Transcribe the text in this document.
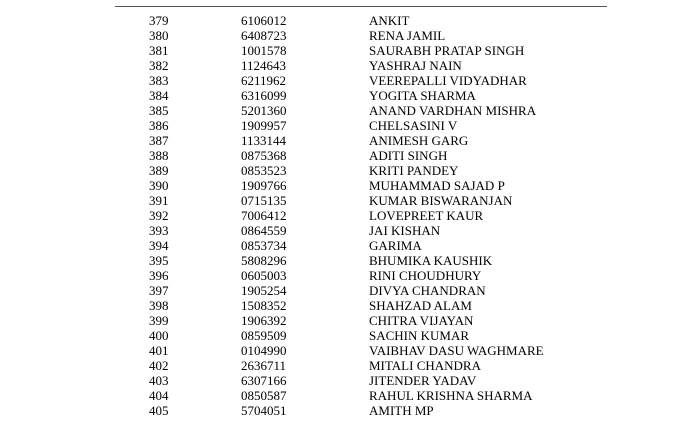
379	6106012	ANKIT
380	6408723	RENA JAMIL
381	1001578	SAURABH PRATAP SINGH
382	1124643	YASHRAJ NAIN
383	6211962	VEEREPALLI VIDYADHAR
384	6316099	YOGITA SHARMA
385	5201360	ANAND VARDHAN MISHRA
386	1909957	CHELSASINI V
387	1133144	ANIMESH GARG
388	0875368	ADITI SINGH
389	0853523	KRITI PANDEY
390	1909766	MUHAMMAD SAJAD P
391	0715135	KUMAR BISWARANJAN
392	7006412	LOVEPREET KAUR
393	0864559	JAI KISHAN
394	0853734	GARIMA
395	5808296	BHUMIKA KAUSHIK
396	0605003	RINI CHOUDHURY
397	1905254	DIVYA CHANDRAN
398	1508352	SHAHZAD ALAM
399	1906392	CHITRA VIJAYAN
400	0859509	SACHIN KUMAR
401	0104990	VAIBHAV DASU WAGHMARE
402	2636711	MITALI CHANDRA
403	6307166	JITENDER YADAV
404	0850587	RAHUL KRISHNA SHARMA
405	5704051	AMITH MP
